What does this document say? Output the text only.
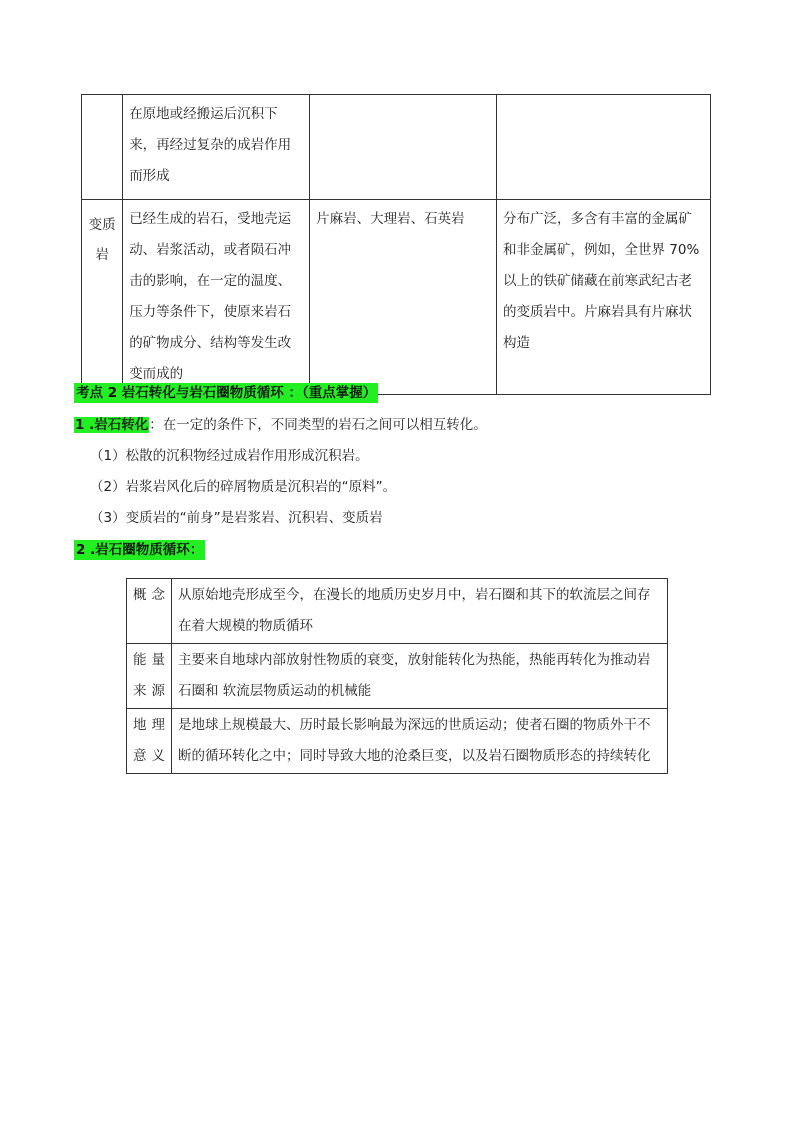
	在原地或经搬运后沉积下来，再经过复杂的成岩作用而形成		
变质岩	已经生成的岩石，受地壳运动、岩浆活动，或者陨石冲击的影响，在一定的温度、压力等条件下，使原来岩石的矿物成分、结构等发生改变而成的	片麻岩、大理岩、石英岩	分布广泛，多含有丰富的金属矿和非金属矿，例如，全世界 70%以上的铁矿储藏在前寒武纪古老的变质岩中。片麻岩具有片麻状构造
考点 2 岩石转化与岩石圈物质循环 ：（重点掌握）
1 .岩石转化：在一定的条件下，不同类型的岩石之间可以相互转化。
（1）松散的沉积物经过成岩作用形成沉积岩。
（2）岩浆岩风化后的碎屑物质是沉积岩的“原料”。
（3）变质岩的“前身”是岩浆岩、沉积岩、变质岩
2 .岩石圈物质循环：
概念	从原始地壳形成至今，在漫长的地质历史岁月中，岩石圈和其下的软流层之间存在着大规模的物质循环
能量来源	主要来自地球内部放射性物质的衰变，放射能转化为热能，热能再转化为推动岩石圈和 软流层物质运动的机械能
地理意义	是地球上规模最大、历时最长影响最为深远的世质运动；使者石圈的物质外干不断的循环转化之中；同时导致大地的沧桑巨变，以及岩石圈物质形态的持续转化
